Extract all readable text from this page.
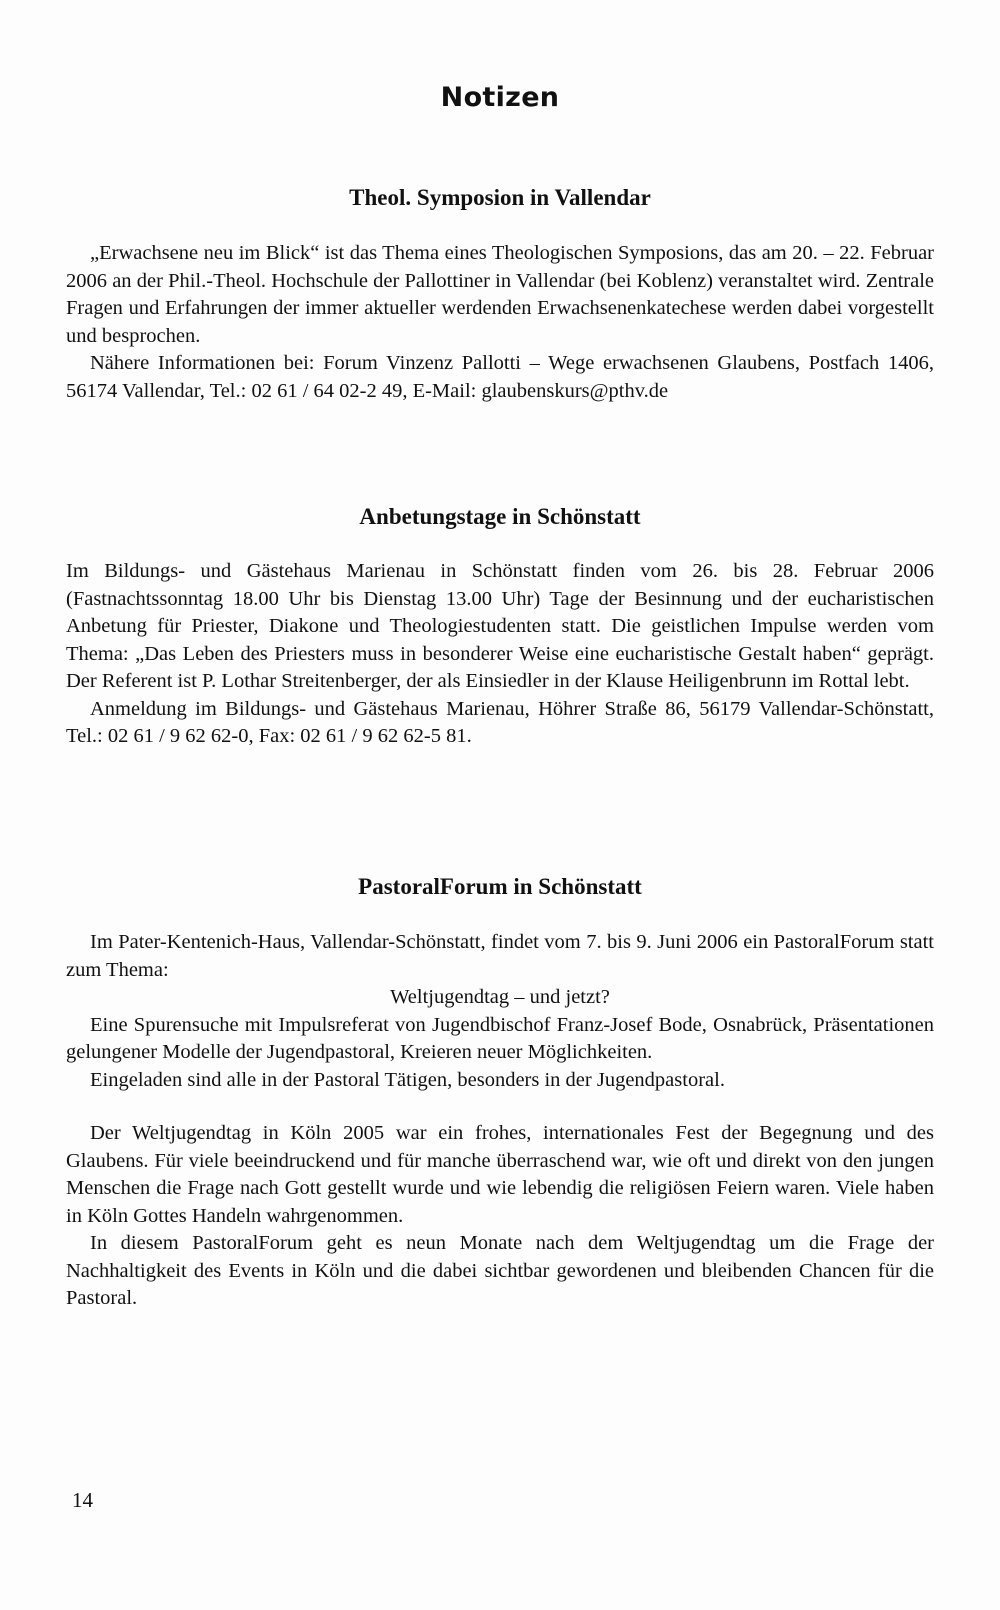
Notizen
Theol. Symposion in Vallendar

„Erwachsene neu im Blick“ ist das Thema eines Theologischen Symposions, das am 20. – 22. Februar 2006 an der Phil.-Theol. Hochschule der Pallottiner in Vallendar (bei Koblenz) veranstaltet wird. Zentrale Fragen und Erfahrungen der immer aktueller werdenden Erwachsenenkatechese werden dabei vorgestellt und besprochen.

Nähere Informationen bei: Forum Vinzenz Pallotti – Wege erwachsenen Glaubens, Postfach 1406, 56174 Vallendar, Tel.: 02 61 / 64 02-2 49, E-Mail: glaubenskurs@pthv.de

Anbetungstage in Schönstatt

Im Bildungs- und Gästehaus Marienau in Schönstatt finden vom 26. bis 28. Februar 2006 (Fastnachtssonntag 18.00 Uhr bis Dienstag 13.00 Uhr) Tage der Besinnung und der eucharistischen Anbetung für Priester, Diakone und Theologiestudenten statt. Die geistlichen Impulse werden vom Thema: „Das Leben des Priesters muss in besonderer Weise eine eucharistische Gestalt haben“ geprägt. Der Referent ist P. Lothar Streitenberger, der als Einsiedler in der Klause Heiligenbrunn im Rottal lebt.

Anmeldung im Bildungs- und Gästehaus Marienau, Höhrer Straße 86, 56179 Vallendar-Schönstatt, Tel.: 02 61 / 9 62 62-0, Fax: 02 61 / 9 62 62-5 81.

PastoralForum in Schönstatt

Im Pater-Kentenich-Haus, Vallendar-Schönstatt, findet vom 7. bis 9. Juni 2006 ein PastoralForum statt zum Thema:

Weltjugendtag – und jetzt?

Eine Spurensuche mit Impulsreferat von Jugendbischof Franz-Josef Bode, Osnabrück, Präsentationen gelungener Modelle der Jugendpastoral, Kreieren neuer Möglichkeiten.

Eingeladen sind alle in der Pastoral Tätigen, besonders in der Jugendpastoral.

Der Weltjugendtag in Köln 2005 war ein frohes, internationales Fest der Begegnung und des Glaubens. Für viele beeindruckend und für manche überraschend war, wie oft und direkt von den jungen Menschen die Frage nach Gott gestellt wurde und wie lebendig die religiösen Feiern waren. Viele haben in Köln Gottes Handeln wahrgenommen.

In diesem PastoralForum geht es neun Monate nach dem Weltjugendtag um die Frage der Nachhaltigkeit des Events in Köln und die dabei sichtbar gewordenen und bleibenden Chancen für die Pastoral.

14
